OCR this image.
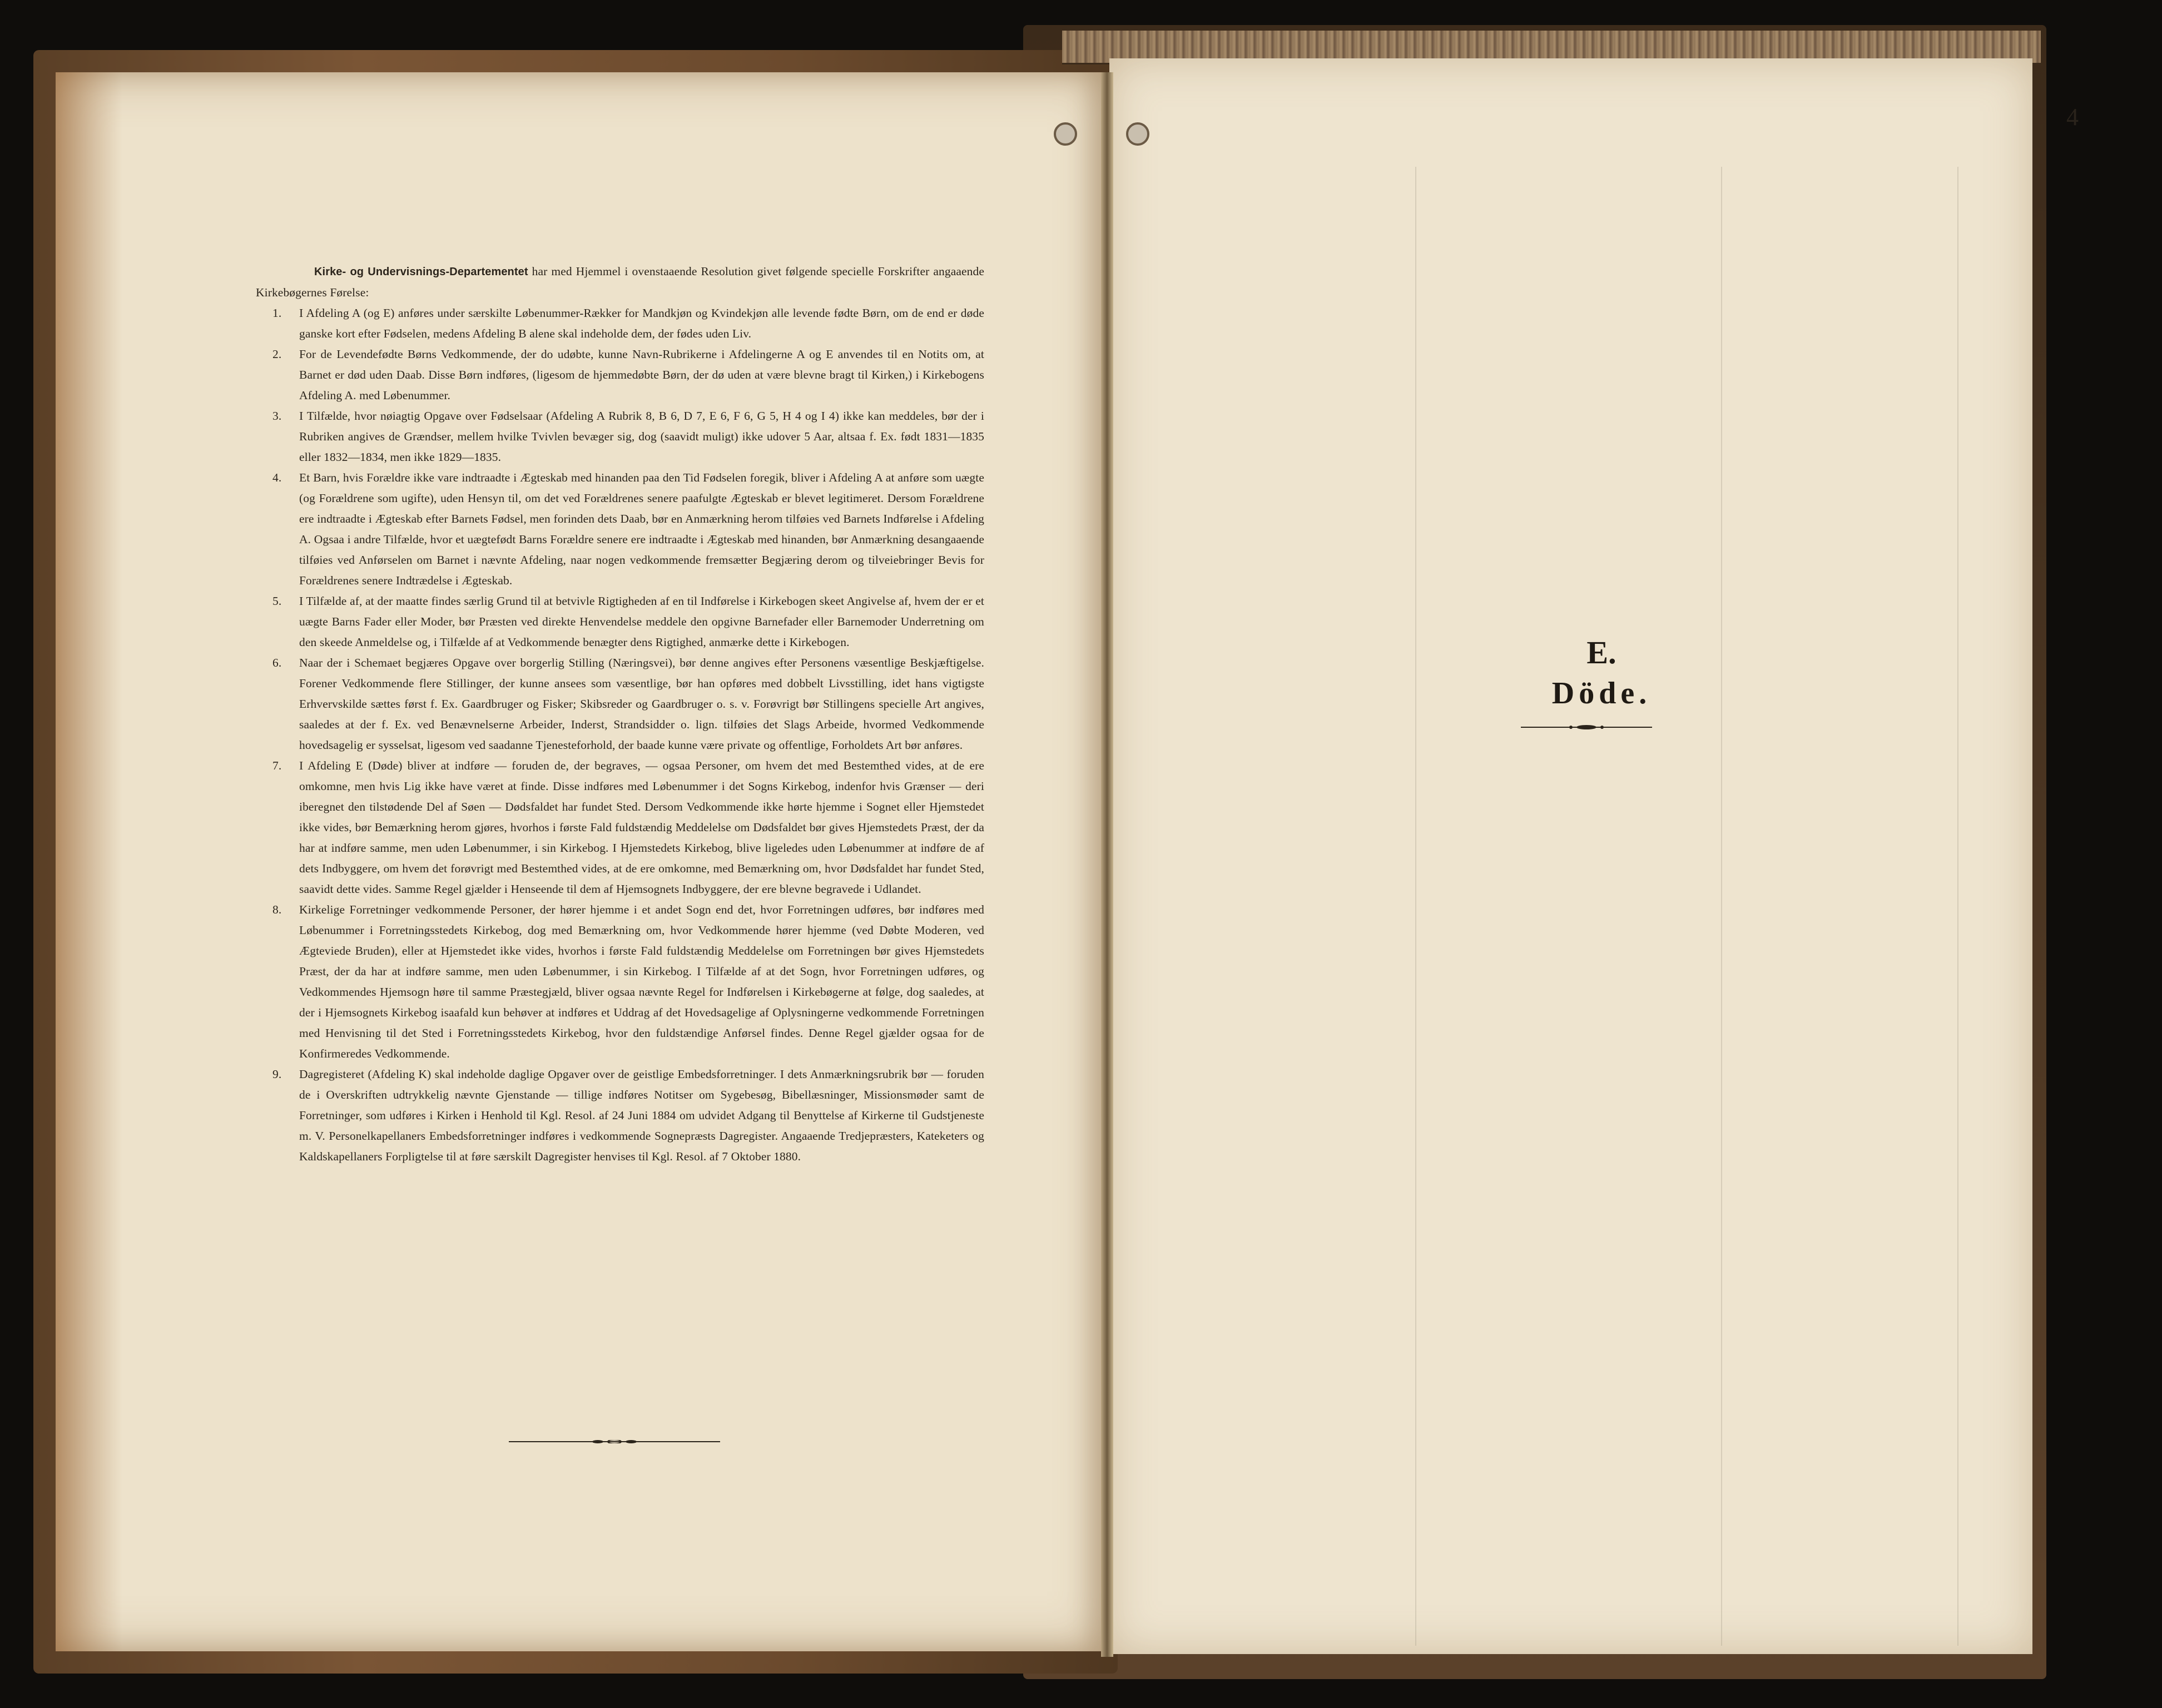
Kirke- og Undervisnings-Departementet har med Hjemmel i ovenstaaende Resolution givet følgende specielle Forskrifter angaaende Kirkebøgernes Førelse:

1. I Afdeling A (og E) anføres under særskilte Løbenummer-Rækker for Mandkjøn og Kvindekjøn alle levende fødte Børn, om de end er døde ganske kort efter Fødselen, medens Afdeling B alene skal indeholde dem, der fødes uden Liv.

2. For de Levendefødte Børns Vedkommende, der do udøbte, kunne Navn-Rubrikerne i Afdelingerne A og E anvendes til en Notits om, at Barnet er død uden Daab. Disse Børn indføres, (ligesom de hjemmedøbte Børn, der dø uden at være blevne bragt til Kirken,) i Kirkebogens Afdeling A. med Løbenummer.

3. I Tilfælde, hvor nøiagtig Opgave over Fødselsaar (Afdeling A Rubrik 8, B 6, D 7, E 6, F 6, G 5, H 4 og I 4) ikke kan meddeles, bør der i Rubriken angives de Grændser, mellem hvilke Tvivlen bevæger sig, dog (saavidt muligt) ikke udover 5 Aar, altsaa f. Ex. født 1831—1835 eller 1832—1834, men ikke 1829—1835.

4. Et Barn, hvis Forældre ikke vare indtraadte i Ægteskab med hinanden paa den Tid Fødselen foregik, bliver i Afdeling A at anføre som uægte (og Forældrene som ugifte), uden Hensyn til, om det ved Forældrenes senere paafulgte Ægteskab er blevet legitimeret. Dersom Forældrene ere indtraadte i Ægteskab efter Barnets Fødsel, men forinden dets Daab, bør en Anmærkning herom tilføies ved Barnets Indførelse i Afdeling A. Ogsaa i andre Tilfælde, hvor et uægtefødt Barns Forældre senere ere indtraadte i Ægteskab med hinanden, bør Anmærkning desangaaende tilføies ved Anførselen om Barnet i nævnte Afdeling, naar nogen vedkommende fremsætter Begjæring derom og tilveiebringer Bevis for Forældrenes senere Indtrædelse i Ægteskab.

5. I Tilfælde af, at der maatte findes særlig Grund til at betvivle Rigtigheden af en til Indførelse i Kirkebogen skeet Angivelse af, hvem der er et uægte Barns Fader eller Moder, bør Præsten ved direkte Henvendelse meddele den opgivne Barnefader eller Barnemoder Underretning om den skeede Anmeldelse og, i Tilfælde af at Vedkommende benægter dens Rigtighed, anmærke dette i Kirkebogen.

6. Naar der i Schemaet begjæres Opgave over borgerlig Stilling (Næringsvei), bør denne angives efter Personens væsentlige Beskjæftigelse. Forener Vedkommende flere Stillinger, der kunne ansees som væsentlige, bør han opføres med dobbelt Livsstilling, idet hans vigtigste Erhvervskilde sættes først f. Ex. Gaardbruger og Fisker; Skibsreder og Gaardbruger o. s. v. Forøvrigt bør Stillingens specielle Art angives, saaledes at der f. Ex. ved Benævnelserne Arbeider, Inderst, Strandsidder o. lign. tilføies det Slags Arbeide, hvormed Vedkommende hovedsagelig er sysselsat, ligesom ved saadanne Tjenesteforhold, der baade kunne være private og offentlige, Forholdets Art bør anføres.

7. I Afdeling E (Døde) bliver at indføre — foruden de, der begraves, — ogsaa Personer, om hvem det med Bestemthed vides, at de ere omkomne, men hvis Lig ikke have været at finde. Disse indføres med Løbenummer i det Sogns Kirkebog, indenfor hvis Grænser — deri iberegnet den tilstødende Del af Søen — Dødsfaldet har fundet Sted. Dersom Vedkommende ikke hørte hjemme i Sognet eller Hjemstedet ikke vides, bør Bemærkning herom gjøres, hvorhos i første Fald fuldstændig Meddelelse om Dødsfaldet bør gives Hjemstedets Præst, der da har at indføre samme, men uden Løbenummer, i sin Kirkebog. I Hjemstedets Kirkebog, blive ligeledes uden Løbenummer at indføre de af dets Indbyggere, om hvem det forøvrigt med Bestemthed vides, at de ere omkomne, med Bemærkning om, hvor Dødsfaldet har fundet Sted, saavidt dette vides. Samme Regel gjælder i Henseende til dem af Hjemsognets Indbyggere, der ere blevne begravede i Udlandet.

8. Kirkelige Forretninger vedkommende Personer, der hører hjemme i et andet Sogn end det, hvor Forretningen udføres, bør indføres med Løbenummer i Forretningsstedets Kirkebog, dog med Bemærkning om, hvor Vedkommende hører hjemme (ved Døbte Moderen, ved Ægteviede Bruden), eller at Hjemstedet ikke vides, hvorhos i første Fald fuldstændig Meddelelse om Forretningen bør gives Hjemstedets Præst, der da har at indføre samme, men uden Løbenummer, i sin Kirkebog. I Tilfælde af at det Sogn, hvor Forretningen udføres, og Vedkommendes Hjemsogn høre til samme Præstegjæld, bliver ogsaa nævnte Regel for Indførelsen i Kirkebøgerne at følge, dog saaledes, at der i Hjemsognets Kirkebog isaafald kun behøver at indføres et Uddrag af det Hovedsagelige af Oplysningerne vedkommende Forretningen med Henvisning til det Sted i Forretningsstedets Kirkebog, hvor den fuldstændige Anførsel findes. Denne Regel gjælder ogsaa for de Konfirmeredes Vedkommende.

9. Dagregisteret (Afdeling K) skal indeholde daglige Opgaver over de geistlige Embedsforretninger. I dets Anmærkningsrubrik bør — foruden de i Overskriften udtrykkelig nævnte Gjenstande — tillige indføres Notitser om Sygebesøg, Bibellæsninger, Missionsmøder samt de Forretninger, som udføres i Kirken i Henhold til Kgl. Resol. af 24 Juni 1884 om udvidet Adgang til Benyttelse af Kirkerne til Gudstjeneste m. V. Personelkapellaners Embedsforretninger indføres i vedkommende Sognepræsts Dagregister. Angaaende Tredjepræsters, Kateketers og Kaldskapellaners Forpligtelse til at føre særskilt Dagregister henvises til Kgl. Resol. af 7 Oktober 1880.

4
E.
Döde.
